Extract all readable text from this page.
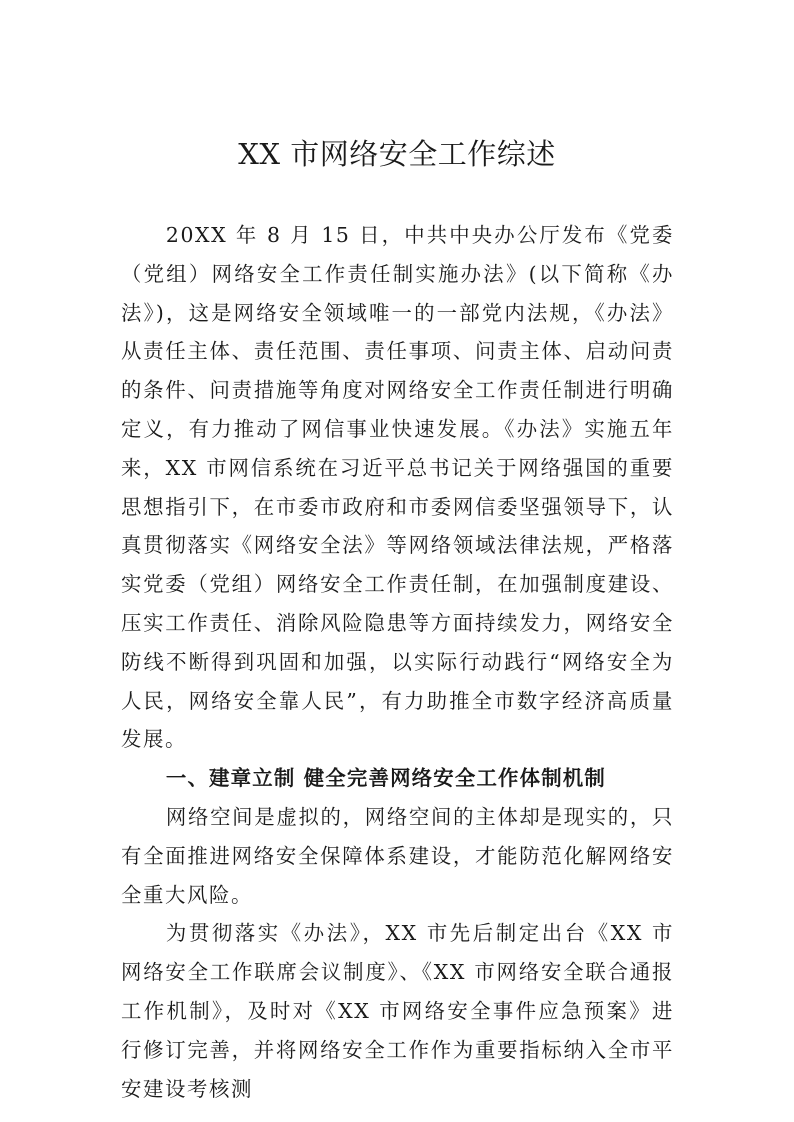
XX 市网络安全工作综述

20XX 年 8 月 15 日，中共中央办公厅发布《党委（党组）网络安全工作责任制实施办法》(以下简称《办法》)，这是网络安全领域唯一的一部党内法规，《办法》从责任主体、责任范围、责任事项、问责主体、启动问责的条件、问责措施等角度对网络安全工作责任制进行明确定义，有力推动了网信事业快速发展。《办法》实施五年来，XX 市网信系统在习近平总书记关于网络强国的重要思想指引下，在市委市政府和市委网信委坚强领导下，认真贯彻落实《网络安全法》等网络领域法律法规，严格落实党委（党组）网络安全工作责任制，在加强制度建设、压实工作责任、消除风险隐患等方面持续发力，网络安全防线不断得到巩固和加强，以实际行动践行“网络安全为人民，网络安全靠人民”，有力助推全市数字经济高质量发展。

一、建章立制 健全完善网络安全工作体制机制

网络空间是虚拟的，网络空间的主体却是现实的，只有全面推进网络安全保障体系建设，才能防范化解网络安全重大风险。

为贯彻落实《办法》，XX 市先后制定出台《XX 市网络安全工作联席会议制度》、《XX 市网络安全联合通报工作机制》，及时对《XX 市网络安全事件应急预案》进行修订完善，并将网络安全工作作为重要指标纳入全市平安建设考核测
